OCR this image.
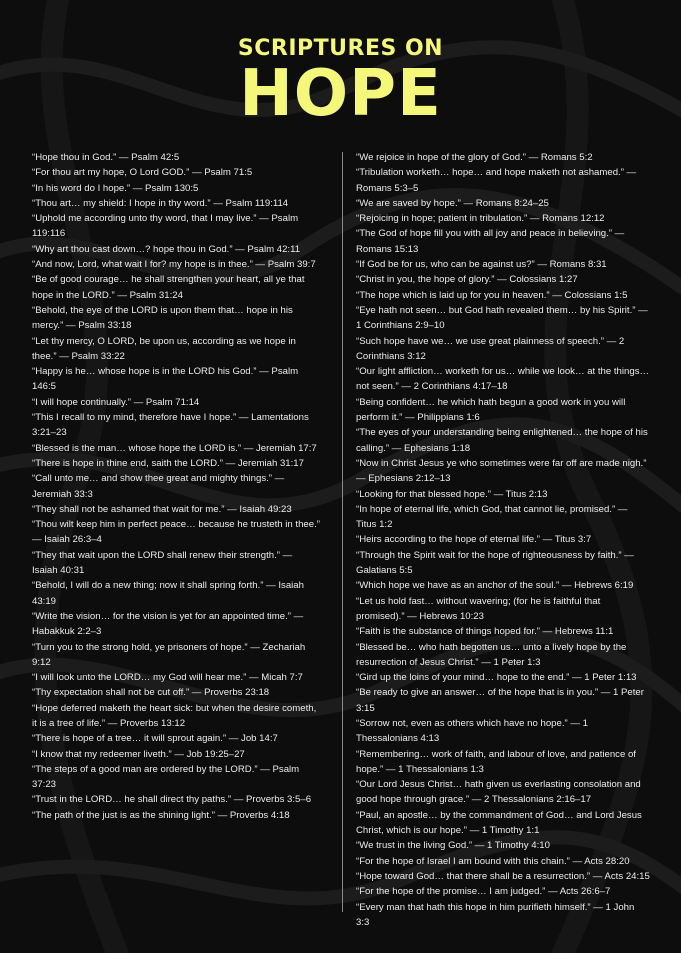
SCRIPTURES ON
HOPE

“Hope thou in God.” — Psalm 42:5

“For thou art my hope, O Lord GOD.” — Psalm 71:5

“In his word do I hope.” — Psalm 130:5

“Thou art… my shield: I hope in thy word.” — Psalm 119:114

“Uphold me according unto thy word, that I may live.” — Psalm 119:116

“Why art thou cast down…? hope thou in God.” — Psalm 42:11

“And now, Lord, what wait I for? my hope is in thee.” — Psalm 39:7

“Be of good courage… he shall strengthen your heart, all ye that hope in the LORD.” — Psalm 31:24

“Behold, the eye of the LORD is upon them that… hope in his mercy.” — Psalm 33:18

“Let thy mercy, O LORD, be upon us, according as we hope in thee.” — Psalm 33:22

“Happy is he… whose hope is in the LORD his God.” — Psalm 146:5

“I will hope continually.” — Psalm 71:14

“This I recall to my mind, therefore have I hope.” — Lamentations 3:21–23

“Blessed is the man… whose hope the LORD is.” — Jeremiah 17:7

“There is hope in thine end, saith the LORD.” — Jeremiah 31:17

“Call unto me… and show thee great and mighty things.” — Jeremiah 33:3

“They shall not be ashamed that wait for me.” — Isaiah 49:23

“Thou wilt keep him in perfect peace… because he trusteth in thee.” — Isaiah 26:3–4

“They that wait upon the LORD shall renew their strength.” — Isaiah 40:31

“Behold, I will do a new thing; now it shall spring forth.” — Isaiah 43:19

“Write the vision… for the vision is yet for an appointed time.” — Habakkuk 2:2–3

“Turn you to the strong hold, ye prisoners of hope.” — Zechariah 9:12

“I will look unto the LORD… my God will hear me.” — Micah 7:7

“Thy expectation shall not be cut off.” — Proverbs 23:18

“Hope deferred maketh the heart sick: but when the desire cometh, it is a tree of life.” — Proverbs 13:12

“There is hope of a tree… it will sprout again.” — Job 14:7

“I know that my redeemer liveth.” — Job 19:25–27

“The steps of a good man are ordered by the LORD.” — Psalm 37:23

“Trust in the LORD… he shall direct thy paths.” — Proverbs 3:5–6

“The path of the just is as the shining light.” — Proverbs 4:18

“We rejoice in hope of the glory of God.” — Romans 5:2

“Tribulation worketh… hope… and hope maketh not ashamed.” — Romans 5:3–5

“We are saved by hope.” — Romans 8:24–25

“Rejoicing in hope; patient in tribulation.” — Romans 12:12

“The God of hope fill you with all joy and peace in believing.” — Romans 15:13

“If God be for us, who can be against us?” — Romans 8:31

“Christ in you, the hope of glory.” — Colossians 1:27

“The hope which is laid up for you in heaven.” — Colossians 1:5

“Eye hath not seen… but God hath revealed them… by his Spirit.” — 1 Corinthians 2:9–10

“Such hope have we… we use great plainness of speech.” — 2 Corinthians 3:12

“Our light affliction… worketh for us… while we look… at the things… not seen.” — 2 Corinthians 4:17–18

“Being confident… he which hath begun a good work in you will perform it.” — Philippians 1:6

“The eyes of your understanding being enlightened… the hope of his calling.” — Ephesians 1:18

“Now in Christ Jesus ye who sometimes were far off are made nigh.” — Ephesians 2:12–13

“Looking for that blessed hope.” — Titus 2:13

“In hope of eternal life, which God, that cannot lie, promised.” — Titus 1:2

“Heirs according to the hope of eternal life.” — Titus 3:7

“Through the Spirit wait for the hope of righteousness by faith.” — Galatians 5:5

“Which hope we have as an anchor of the soul.” — Hebrews 6:19

“Let us hold fast… without wavering; (for he is faithful that promised).” — Hebrews 10:23

“Faith is the substance of things hoped for.” — Hebrews 11:1

“Blessed be… who hath begotten us… unto a lively hope by the resurrection of Jesus Christ.” — 1 Peter 1:3

“Gird up the loins of your mind… hope to the end.” — 1 Peter 1:13

“Be ready to give an answer… of the hope that is in you.” — 1 Peter 3:15

“Sorrow not, even as others which have no hope.” — 1 Thessalonians 4:13

“Remembering… work of faith, and labour of love, and patience of hope.” — 1 Thessalonians 1:3

“Our Lord Jesus Christ… hath given us everlasting consolation and good hope through grace.” — 2 Thessalonians 2:16–17

“Paul, an apostle… by the commandment of God… and Lord Jesus Christ, which is our hope.” — 1 Timothy 1:1

“We trust in the living God.” — 1 Timothy 4:10

“For the hope of Israel I am bound with this chain.” — Acts 28:20

“Hope toward God… that there shall be a resurrection.” — Acts 24:15

“For the hope of the promise… I am judged.” — Acts 26:6–7

“Every man that hath this hope in him purifieth himself.” — 1 John 3:3
